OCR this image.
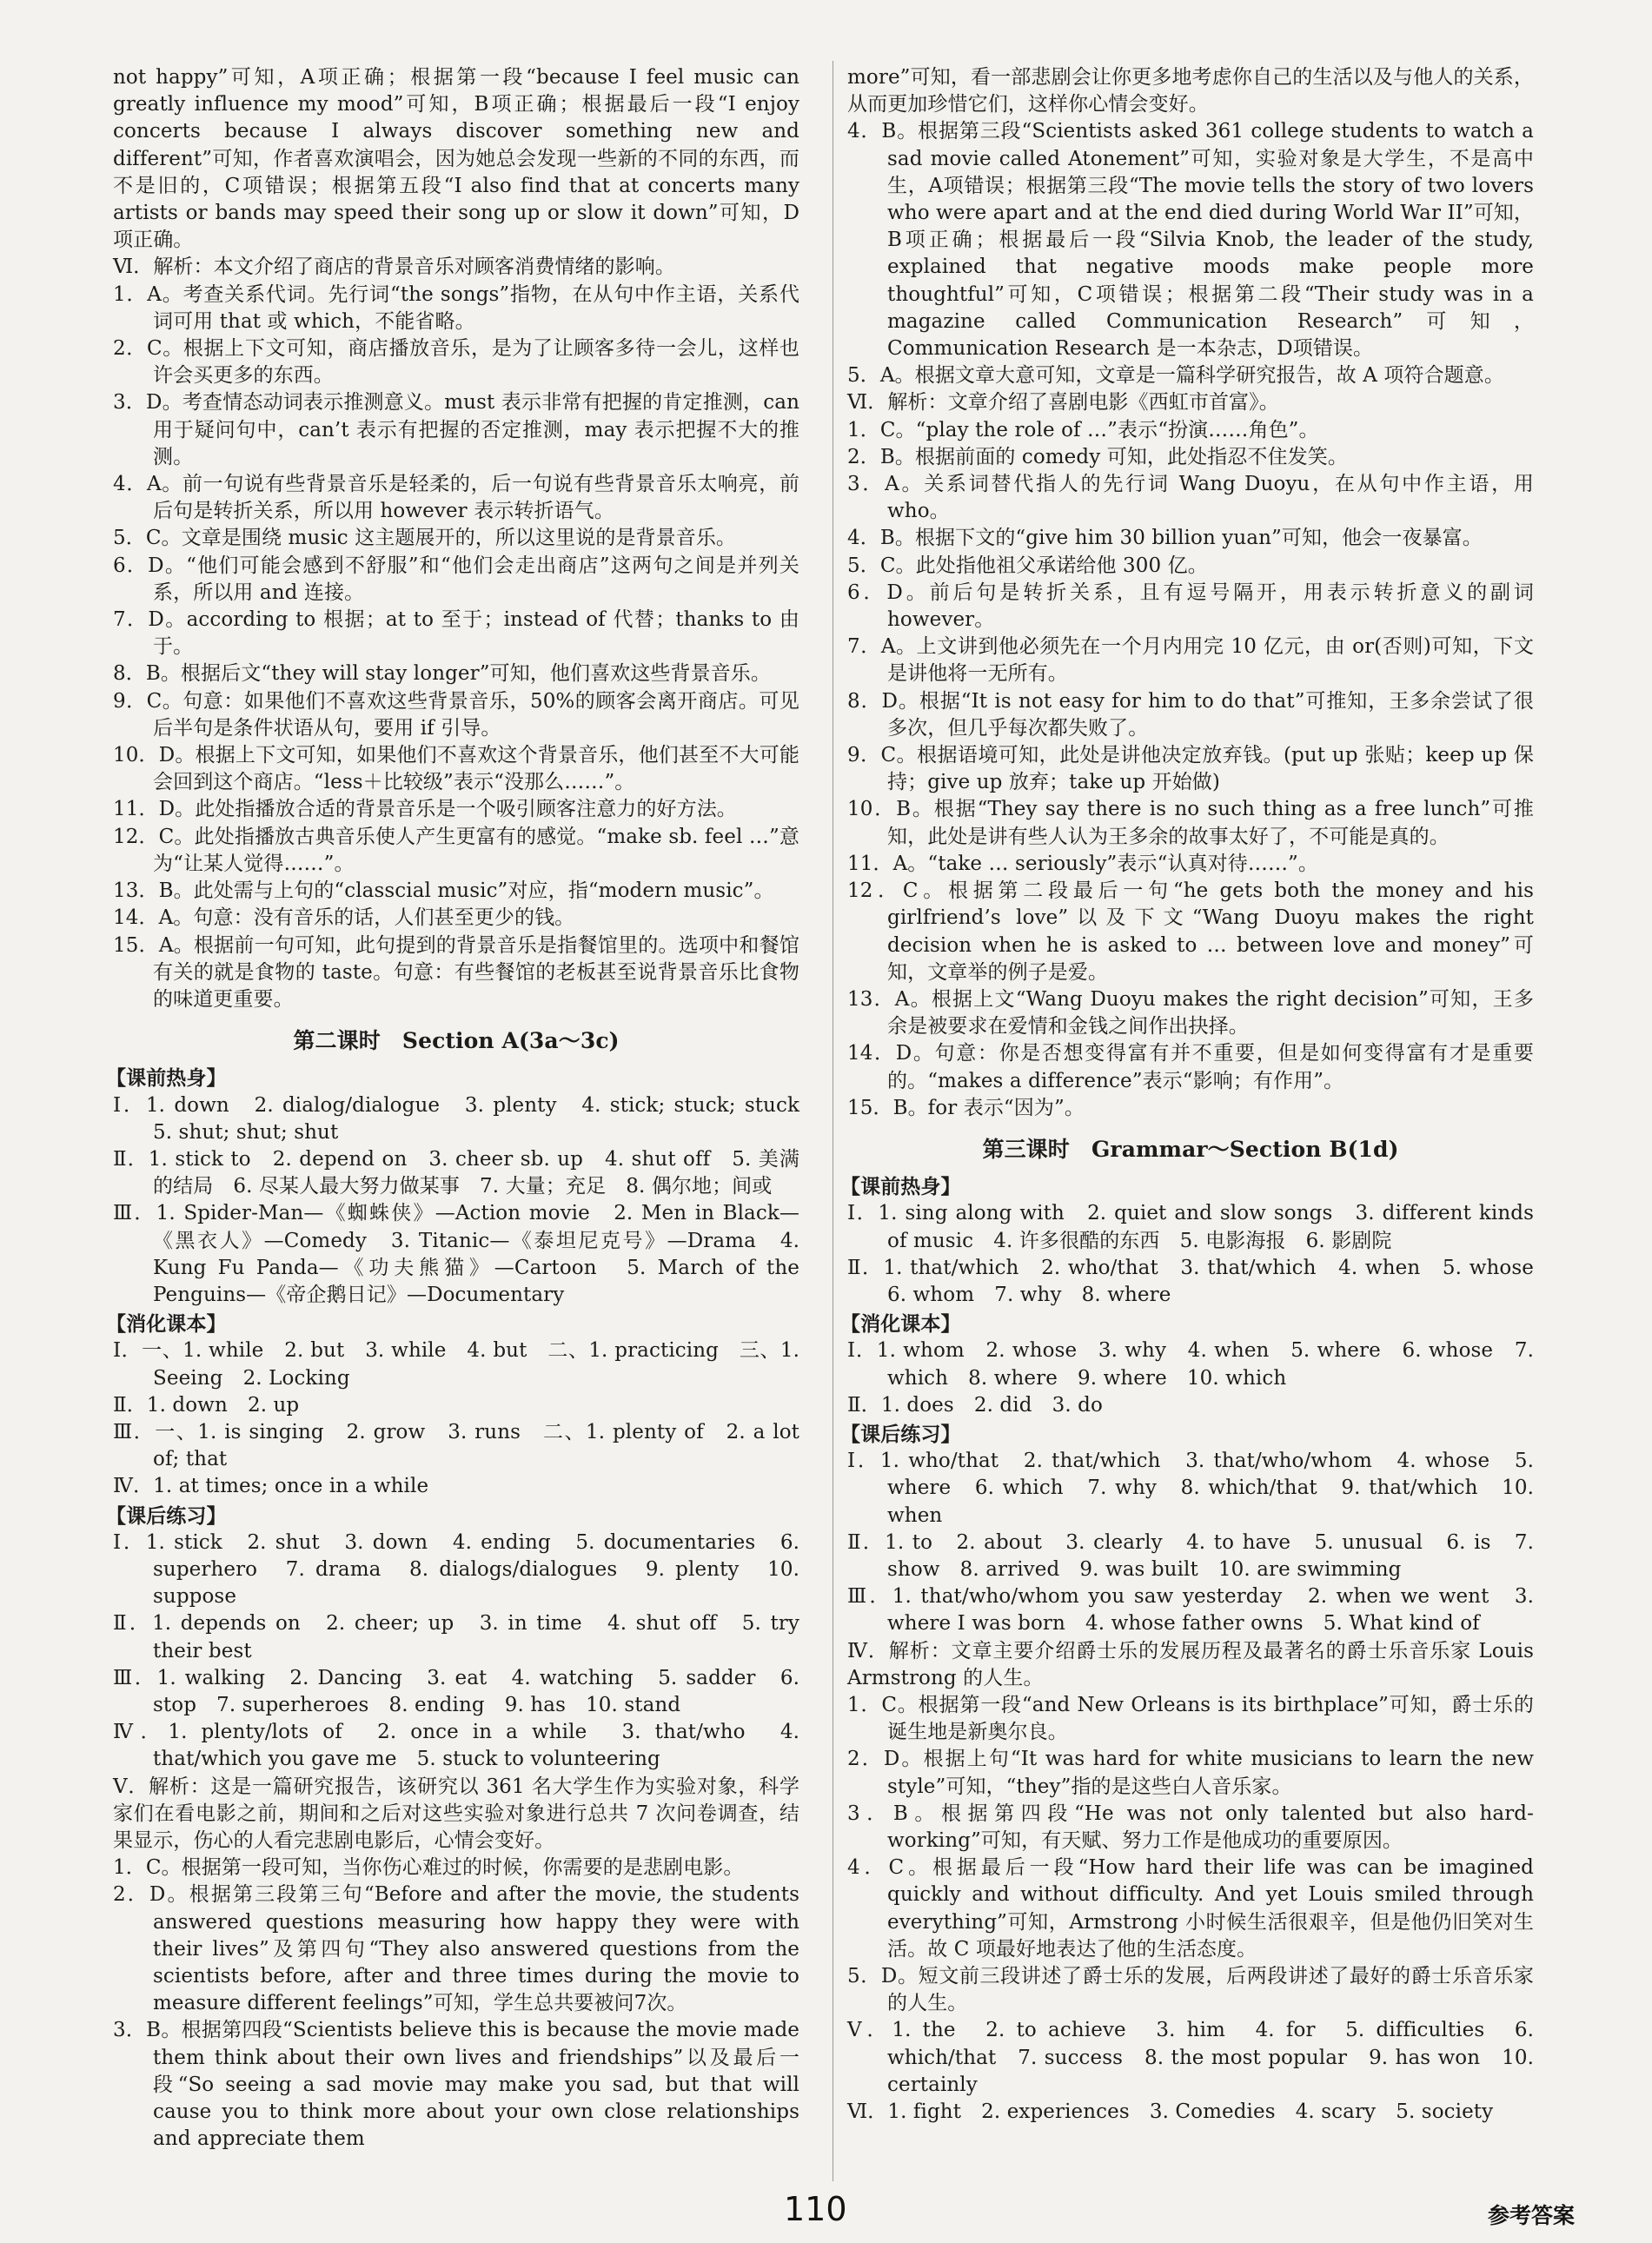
not happy”可知，A项正确；根据第一段“because I feel music can greatly influence my mood”可知，B项正确；根据最后一段“I enjoy concerts because I always discover something new and different”可知，作者喜欢演唱会，因为她总会发现一些新的不同的东西，而不是旧的，C项错误；根据第五段“I also find that at concerts many artists or bands may speed their song up or slow it down”可知，D项正确。
Ⅵ．解析：本文介绍了商店的背景音乐对顾客消费情绪的影响。
1．A。考查关系代词。先行词“the songs”指物，在从句中作主语，关系代词可用 that 或 which，不能省略。
2．C。根据上下文可知，商店播放音乐，是为了让顾客多待一会儿，这样也许会买更多的东西。
3．D。考查情态动词表示推测意义。must 表示非常有把握的肯定推测，can 用于疑问句中，can’t 表示有把握的否定推测，may 表示把握不大的推测。
4．A。前一句说有些背景音乐是轻柔的，后一句说有些背景音乐太响亮，前后句是转折关系，所以用 however 表示转折语气。
5．C。文章是围绕 music 这主题展开的，所以这里说的是背景音乐。
6．D。“他们可能会感到不舒服”和“他们会走出商店”这两句之间是并列关系，所以用 and 连接。
7．D。according to 根据；at to 至于；instead of 代替；thanks to 由于。
8．B。根据后文“they will stay longer”可知，他们喜欢这些背景音乐。
9．C。句意：如果他们不喜欢这些背景音乐，50%的顾客会离开商店。可见后半句是条件状语从句，要用 if 引导。
10．D。根据上下文可知，如果他们不喜欢这个背景音乐，他们甚至不大可能会回到这个商店。“less＋比较级”表示“没那么……”。
11．D。此处指播放合适的背景音乐是一个吸引顾客注意力的好方法。
12．C。此处指播放古典音乐使人产生更富有的感觉。“make sb. feel …”意为“让某人觉得……”。
13．B。此处需与上句的“classcial music”对应，指“modern music”。
14．A。句意：没有音乐的话，人们甚至更少的钱。
15．A。根据前一句可知，此句提到的背景音乐是指餐馆里的。选项中和餐馆有关的就是食物的 taste。句意：有些餐馆的老板甚至说背景音乐比食物的味道更重要。
第二课时　Section A(3a～3c)
【课前热身】
Ⅰ．1. down　2. dialog/dialogue　3. plenty　4. stick; stuck; stuck　5. shut; shut; shut
Ⅱ．1. stick to　2. depend on　3. cheer sb. up　4. shut off　5. 美满的结局　6. 尽某人最大努力做某事　7. 大量；充足　8. 偶尔地；间或
Ⅲ．1. Spider-Man—《蜘蛛侠》—Action movie　2. Men in Black—《黑衣人》—Comedy　3. Titanic—《泰坦尼克号》—Drama　4. Kung Fu Panda—《功夫熊猫》—Cartoon　5. March of the Penguins—《帝企鹅日记》—Documentary
【消化课本】
Ⅰ．一、1. while　2. but　3. while　4. but　二、1. practicing　三、1. Seeing　2. Locking
Ⅱ．1. down　2. up
Ⅲ．一、1. is singing　2. grow　3. runs　二、1. plenty of　2. a lot of; that
Ⅳ．1. at times; once in a while
【课后练习】
Ⅰ．1. stick　2. shut　3. down　4. ending　5. documentaries　6. superhero　7. drama　8. dialogs/dialogues　9. plenty　10. suppose
Ⅱ．1. depends on　2. cheer; up　3. in time　4. shut off　5. try their best
Ⅲ．1. walking　2. Dancing　3. eat　4. watching　5. sadder　6. stop　7. superheroes　8. ending　9. has　10. stand
Ⅳ．1. plenty/lots of　2. once in a while　3. that/who　4. that/which you gave me　5. stuck to volunteering
Ⅴ．解析：这是一篇研究报告，该研究以 361 名大学生作为实验对象，科学家们在看电影之前，期间和之后对这些实验对象进行总共 7 次问卷调查，结果显示，伤心的人看完悲剧电影后，心情会变好。
1．C。根据第一段可知，当你伤心难过的时候，你需要的是悲剧电影。
2．D。根据第三段第三句“Before and after the movie, the students answered questions measuring how happy they were with their lives”及第四句“They also answered questions from the scientists before, after and three times during the movie to measure different feelings”可知，学生总共要被问7次。
3．B。根据第四段“Scientists believe this is because the movie made them think about their own lives and friendships”以及最后一段“So seeing a sad movie may make you sad, but that will cause you to think more about your own close relationships and appreciate them
more”可知，看一部悲剧会让你更多地考虑你自己的生活以及与他人的关系，从而更加珍惜它们，这样你心情会变好。
4．B。根据第三段“Scientists asked 361 college students to watch a sad movie called Atonement”可知，实验对象是大学生，不是高中生，A项错误；根据第三段“The movie tells the story of two lovers who were apart and at the end died during World War II”可知，B项正确；根据最后一段“Silvia Knob, the leader of the study, explained that negative moods make people more thoughtful”可知，C项错误；根据第二段“Their study was in a magazine called Communication Research”可知，Communication Research 是一本杂志，D项错误。
5．A。根据文章大意可知，文章是一篇科学研究报告，故 A 项符合题意。
Ⅵ．解析：文章介绍了喜剧电影《西虹市首富》。
1．C。“play the role of …”表示“扮演……角色”。
2．B。根据前面的 comedy 可知，此处指忍不住发笑。
3．A。关系词替代指人的先行词 Wang Duoyu，在从句中作主语，用 who。
4．B。根据下文的“give him 30 billion yuan”可知，他会一夜暴富。
5．C。此处指他祖父承诺给他 300 亿。
6．D。前后句是转折关系，且有逗号隔开，用表示转折意义的副词 however。
7．A。上文讲到他必须先在一个月内用完 10 亿元，由 or(否则)可知，下文是讲他将一无所有。
8．D。根据“It is not easy for him to do that”可推知，王多余尝试了很多次，但几乎每次都失败了。
9．C。根据语境可知，此处是讲他决定放弃钱。(put up 张贴；keep up 保持；give up 放弃；take up 开始做)
10．B。根据“They say there is no such thing as a free lunch”可推知，此处是讲有些人认为王多余的故事太好了，不可能是真的。
11．A。“take … seriously”表示“认真对待……”。
12．C。根据第二段最后一句“he gets both the money and his girlfriend’s love”以及下文“Wang Duoyu makes the right decision when he is asked to … between love and money”可知，文章举的例子是爱。
13．A。根据上文“Wang Duoyu makes the right decision”可知，王多余是被要求在爱情和金钱之间作出抉择。
14．D。句意：你是否想变得富有并不重要，但是如何变得富有才是重要的。“makes a difference”表示“影响；有作用”。
15．B。for 表示“因为”。
第三课时　Grammar～Section B(1d)
【课前热身】
Ⅰ．1. sing along with　2. quiet and slow songs　3. different kinds of music　4. 许多很酷的东西　5. 电影海报　6. 影剧院
Ⅱ．1. that/which　2. who/that　3. that/which　4. when　5. whose　6. whom　7. why　8. where
【消化课本】
Ⅰ．1. whom　2. whose　3. why　4. when　5. where　6. whose　7. which　8. where　9. where　10. which
Ⅱ．1. does　2. did　3. do
【课后练习】
Ⅰ．1. who/that　2. that/which　3. that/who/whom　4. whose　5. where　6. which　7. why　8. which/that　9. that/which　10. when
Ⅱ．1. to　2. about　3. clearly　4. to have　5. unusual　6. is　7. show　8. arrived　9. was built　10. are swimming
Ⅲ．1. that/who/whom you saw yesterday　2. when we went　3. where I was born　4. whose father owns　5. What kind of
Ⅳ．解析：文章主要介绍爵士乐的发展历程及最著名的爵士乐音乐家 Louis Armstrong 的人生。
1．C。根据第一段“and New Orleans is its birthplace”可知，爵士乐的诞生地是新奥尔良。
2．D。根据上句“It was hard for white musicians to learn the new style”可知，“they”指的是这些白人音乐家。
3．B。根据第四段“He was not only talented but also hard-working”可知，有天赋、努力工作是他成功的重要原因。
4．C。根据最后一段“How hard their life was can be imagined quickly and without difficulty. And yet Louis smiled through everything”可知，Armstrong 小时候生活很艰辛，但是他仍旧笑对生活。故 C 项最好地表达了他的生活态度。
5．D。短文前三段讲述了爵士乐的发展，后两段讲述了最好的爵士乐音乐家的人生。
Ⅴ．1. the　2. to achieve　3. him　4. for　5. difficulties　6. which/that　7. success　8. the most popular　9. has won　10. certainly
Ⅵ．1. fight　2. experiences　3. Comedies　4. scary　5. society
110	参考答案
